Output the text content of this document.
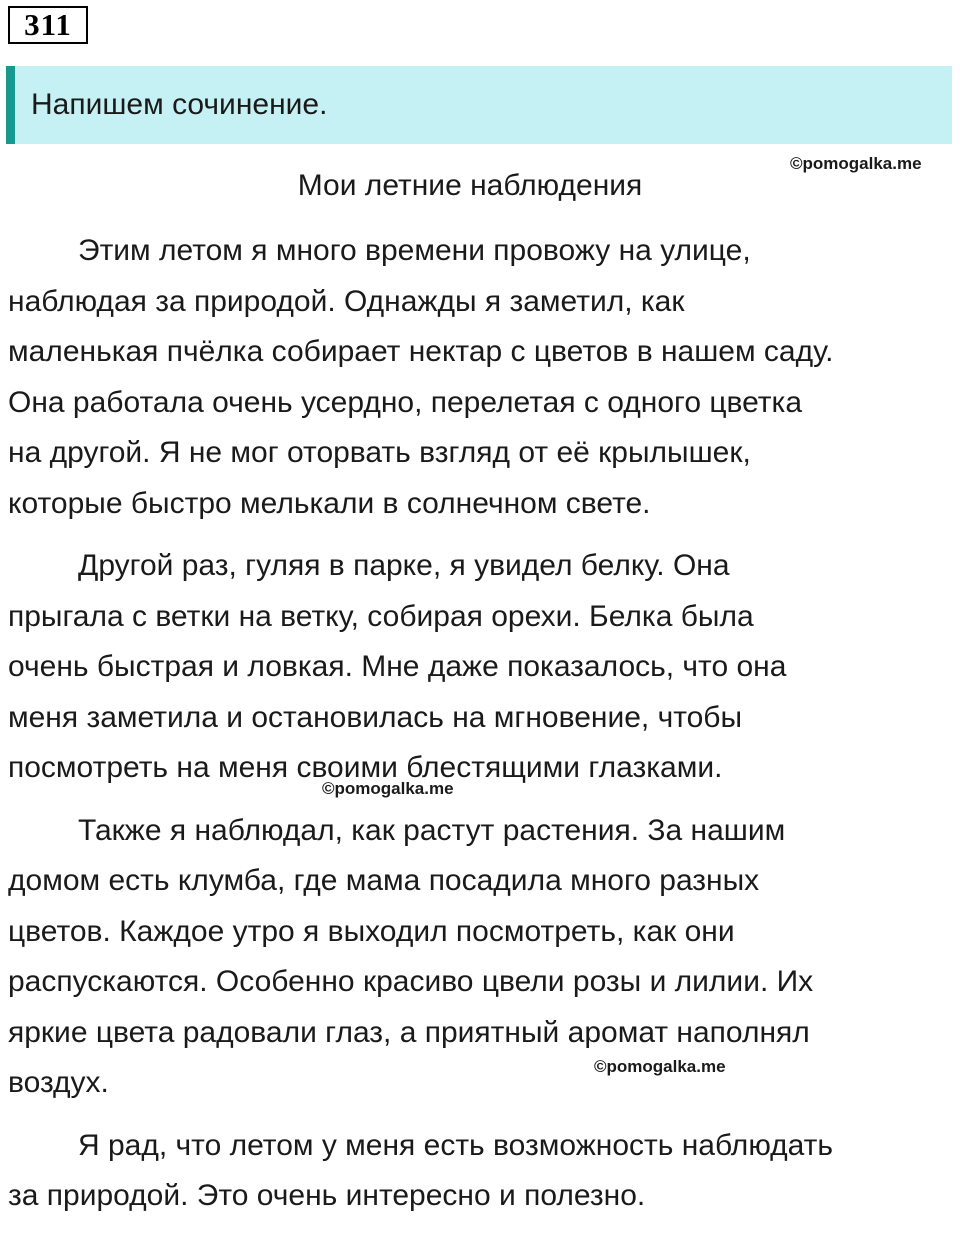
311
Напишем сочинение.
©pomogalka.me
©pomogalka.me
©pomogalka.me
Мои летние наблюдения

Этим летом я много времени провожу на улице,
наблюдая за природой. Однажды я заметил, как
маленькая пчёлка собирает нектар с цветов в нашем саду.
Она работала очень усердно, перелетая с одного цветка
на другой. Я не мог оторвать взгляд от её крылышек,
которые быстро мелькали в солнечном свете.

Другой раз, гуляя в парке, я увидел белку. Она
прыгала с ветки на ветку, собирая орехи. Белка была
очень быстрая и ловкая. Мне даже показалось, что она
меня заметила и остановилась на мгновение, чтобы
посмотреть на меня своими блестящими глазками.

Также я наблюдал, как растут растения. За нашим
домом есть клумба, где мама посадила много разных
цветов. Каждое утро я выходил посмотреть, как они
распускаются. Особенно красиво цвели розы и лилии. Их
яркие цвета радовали глаз, а приятный аромат наполнял
воздух.

Я рад, что летом у меня есть возможность наблюдать
за природой. Это очень интересно и полезно.
